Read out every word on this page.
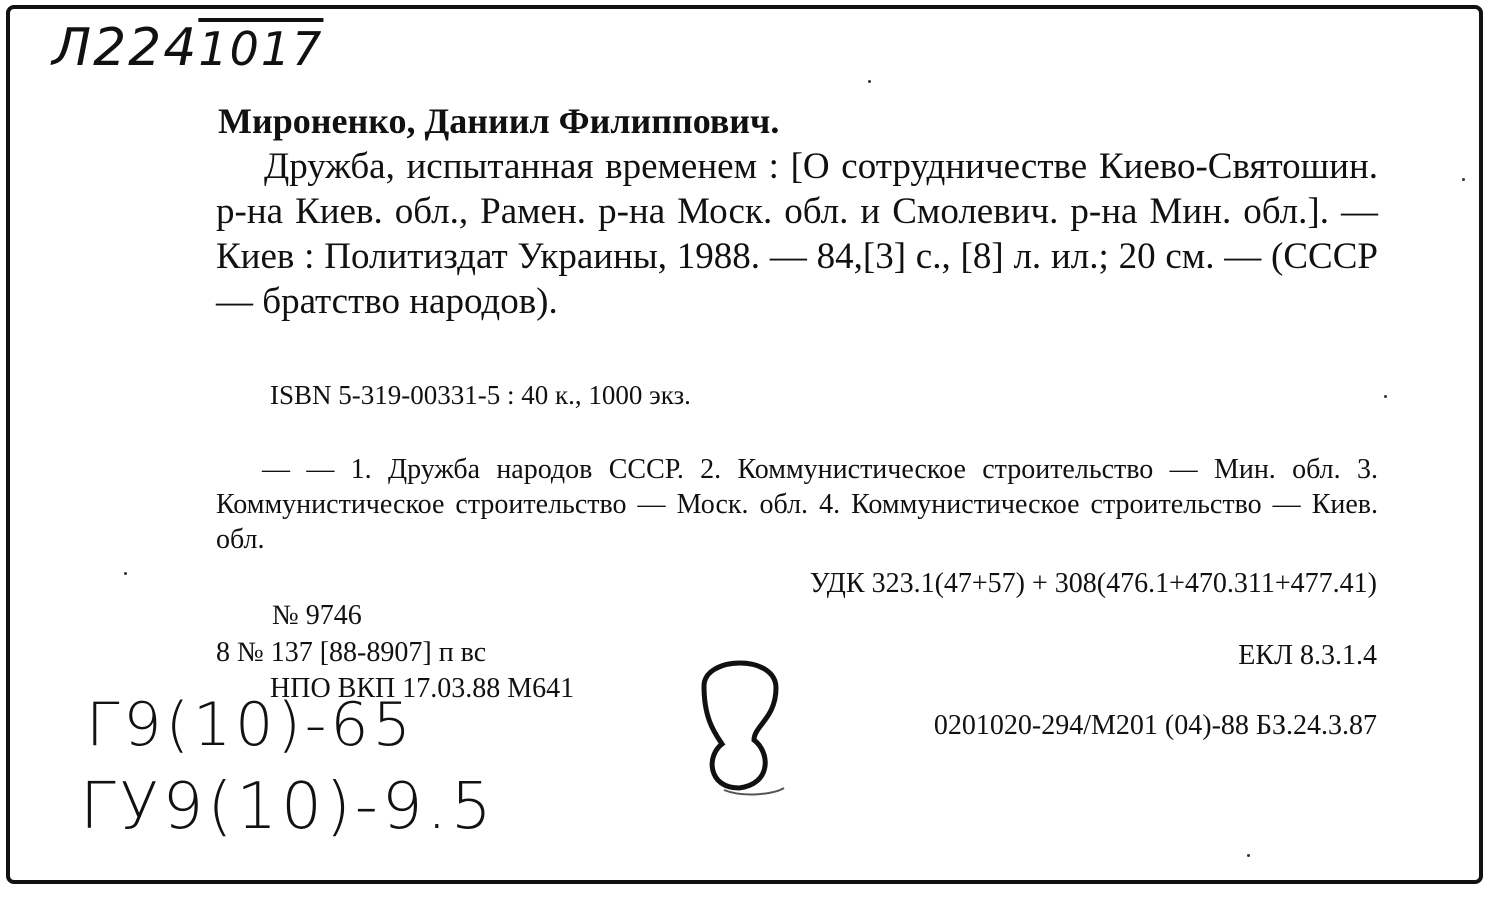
Л2241017
Мироненко, Даниил Филиппович.

Дружба, испытанная временем : [О сотрудничестве Киево-Святошин. р-на Киев. обл., Рамен. р-на Моск. обл. и Смолевич. р-на Мин. обл.]. — Киев : Политиздат Украины, 1988. — 84,[3] с., [8] л. ил.; 20 см. — (СССР — братство народов).

ISBN 5-319-00331-5 : 40 к., 1000 экз.

— — 1. Дружба народов СССР. 2. Коммунистическое строительство — Мин. обл. 3. Коммунистическое строительство — Моск. обл. 4. Коммунистическое строительство — Киев. обл.

УДК 323.1(47+57) + 308(476.1+470.311+477.41)
№ 9746
8 № 137 [88-8907] п вс	ЕКЛ 8.3.1.4
НПО ВКП 17.03.88 М641
0201020-294/М201 (04)-88 БЗ.24.3.87
Г9(10)-65
ГУ9(10)-9.5
